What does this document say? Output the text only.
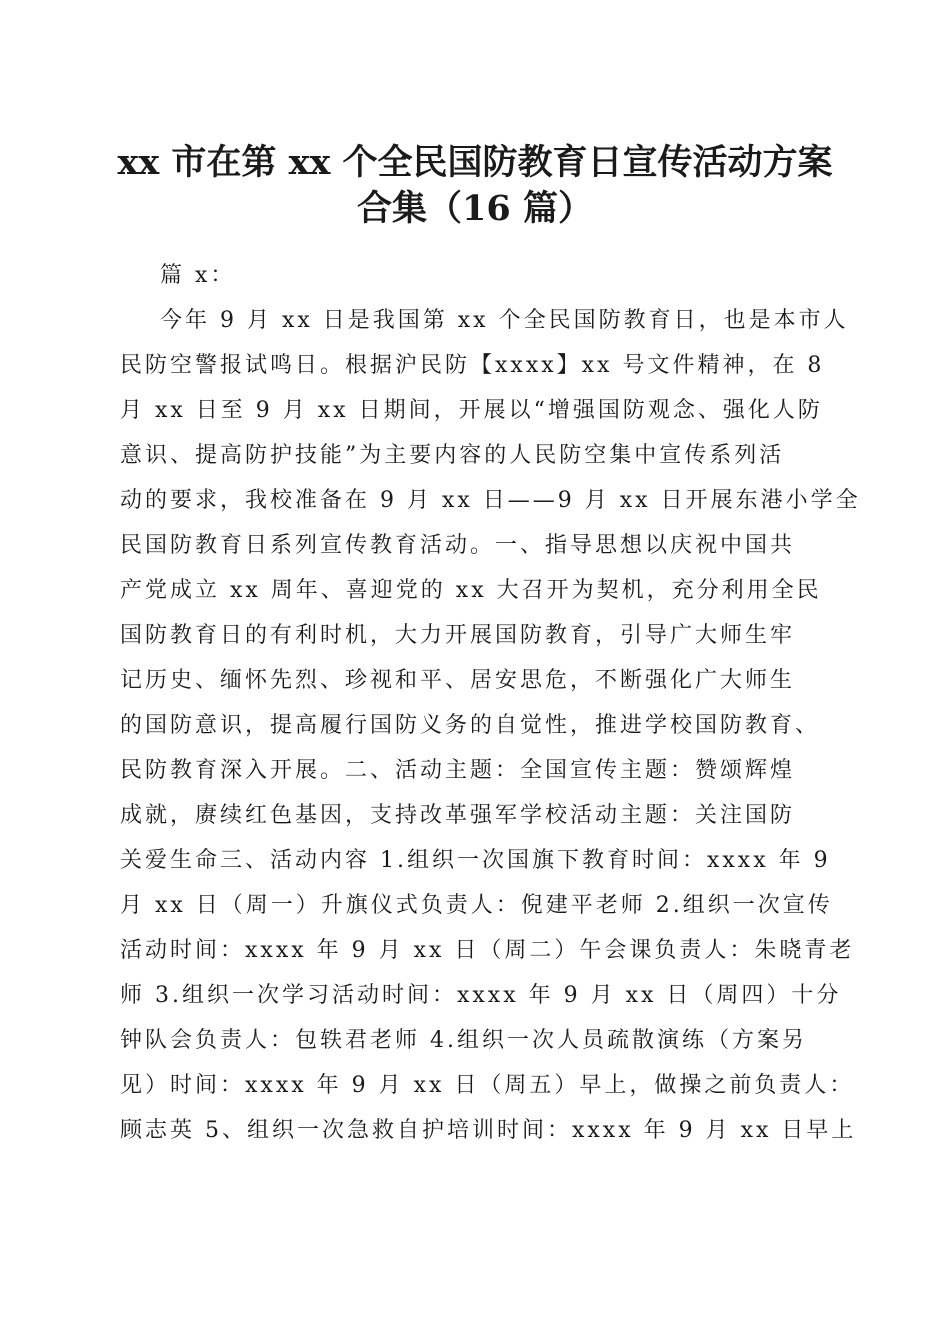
xx 市在第 xx 个全民国防教育日宣传活动方案
合集（16 篇）
篇 x：
今年 9 月 xx 日是我国第 xx 个全民国防教育日，也是本市人
民防空警报试鸣日。根据沪民防【xxxx】xx 号文件精神，在 8
月 xx 日至 9 月 xx 日期间，开展以“增强国防观念、强化人防
意识、提高防护技能”为主要内容的人民防空集中宣传系列活
动的要求，我校准备在 9 月 xx 日——9 月 xx 日开展东港小学全
民国防教育日系列宣传教育活动。一、指导思想以庆祝中国共
产党成立 xx 周年、喜迎党的 xx 大召开为契机，充分利用全民
国防教育日的有利时机，大力开展国防教育，引导广大师生牢
记历史、缅怀先烈、珍视和平、居安思危，不断强化广大师生
的国防意识，提高履行国防义务的自觉性，推进学校国防教育、
民防教育深入开展。二、活动主题：全国宣传主题：赞颂辉煌
成就，赓续红色基因，支持改革强军学校活动主题：关注国防
关爱生命三、活动内容 1.组织一次国旗下教育时间：xxxx 年 9
月 xx 日（周一）升旗仪式负责人：倪建平老师 2.组织一次宣传
活动时间：xxxx 年 9 月 xx 日（周二）午会课负责人：朱晓青老
师 3.组织一次学习活动时间：xxxx 年 9 月 xx 日（周四）十分
钟队会负责人：包轶君老师 4.组织一次人员疏散演练（方案另
见）时间：xxxx 年 9 月 xx 日（周五）早上，做操之前负责人：
顾志英 5、组织一次急救自护培训时间：xxxx 年 9 月 xx 日早上
